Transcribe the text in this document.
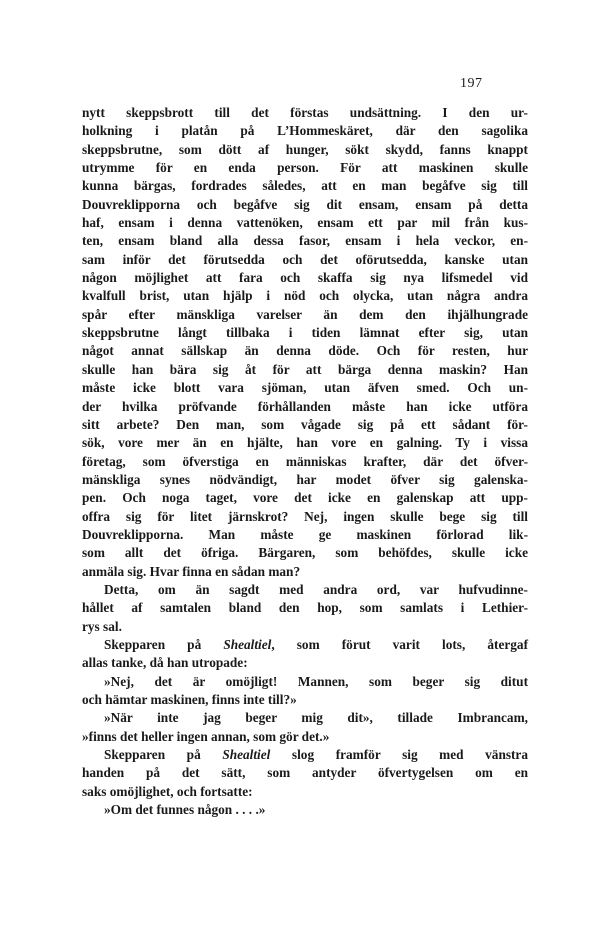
197
nytt skeppsbrott till det förstas undsättning. I den ur-
holkning i platån på L’Hommeskäret, där den sagolika
skeppsbrutne, som dött af hunger, sökt skydd, fanns knappt
utrymme för en enda person. För att maskinen skulle
kunna bärgas, fordrades således, att en man begåfve sig till
Douvreklipporna och begåfve sig dit ensam, ensam på detta
haf, ensam i denna vattenöken, ensam ett par mil från kus-
ten, ensam bland alla dessa fasor, ensam i hela veckor, en-
sam inför det förutsedda och det oförutsedda, kanske utan
någon möjlighet att fara och skaffa sig nya lifsmedel vid
kvalfull brist, utan hjälp i nöd och olycka, utan några andra
spår efter mänskliga varelser än dem den ihjälhungrade
skeppsbrutne långt tillbaka i tiden lämnat efter sig, utan
något annat sällskap än denna döde. Och för resten, hur
skulle han bära sig åt för att bärga denna maskin? Han
måste icke blott vara sjöman, utan äfven smed. Och un-
der hvilka pröfvande förhållanden måste han icke utföra
sitt arbete? Den man, som vågade sig på ett sådant för-
sök, vore mer än en hjälte, han vore en galning. Ty i vissa
företag, som öfverstiga en människas krafter, där det öfver-
mänskliga synes nödvändigt, har modet öfver sig galenska-
pen. Och noga taget, vore det icke en galenskap att upp-
offra sig för litet järnskrot? Nej, ingen skulle bege sig till
Douvreklipporna. Man måste ge maskinen förlorad lik-
som allt det öfriga. Bärgaren, som behöfdes, skulle icke
anmäla sig. Hvar finna en sådan man?
Detta, om än sagdt med andra ord, var hufvudinne-
hållet af samtalen bland den hop, som samlats i Lethier-
rys sal.
Skepparen på Shealtiel, som förut varit lots, återgaf
allas tanke, då han utropade:
»Nej, det är omöjligt! Mannen, som beger sig ditut
och hämtar maskinen, finns inte till?»
»När inte jag beger mig dit», tillade Imbrancam,
»finns det heller ingen annan, som gör det.»
Skepparen på Shealtiel slog framför sig med vänstra
handen på det sätt, som antyder öfvertygelsen om en
saks omöjlighet, och fortsatte:
»Om det funnes någon . . . .»
